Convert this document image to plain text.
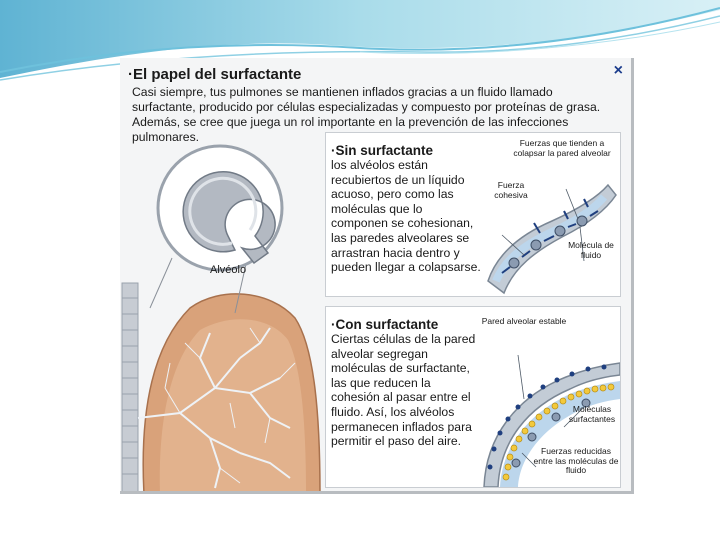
·El papel del surfactante	×
Casi siempre, tus pulmones se mantienen inflados gracias a un fluido llamado surfactante, producido por células especializadas y compuesto por proteínas de grasa. Además, se cree que juega un rol importante en la prevención de las infecciones pulmonares.
Alvéolo
·Sin surfactante
los alvéolos están recubiertos de un líquido acuoso, pero como las moléculas que lo componen se cohesionan, las paredes alveolares se arrastran hacia dentro y pueden llegar a colapsarse.
Fuerzas que tienden a colapsar la pared alveolar
Fuerza cohesiva
Molécula de fluido
·Con surfactante
Ciertas células de la pared alveolar segregan moléculas de surfactante, las que reducen la cohesión al pasar entre el fluido. Así, los alvéolos permanecen inflados para permitir el paso del aire.
Pared alveolar estable
Moléculas surfactantes
Fuerzas reducidas entre las moléculas de fluido
